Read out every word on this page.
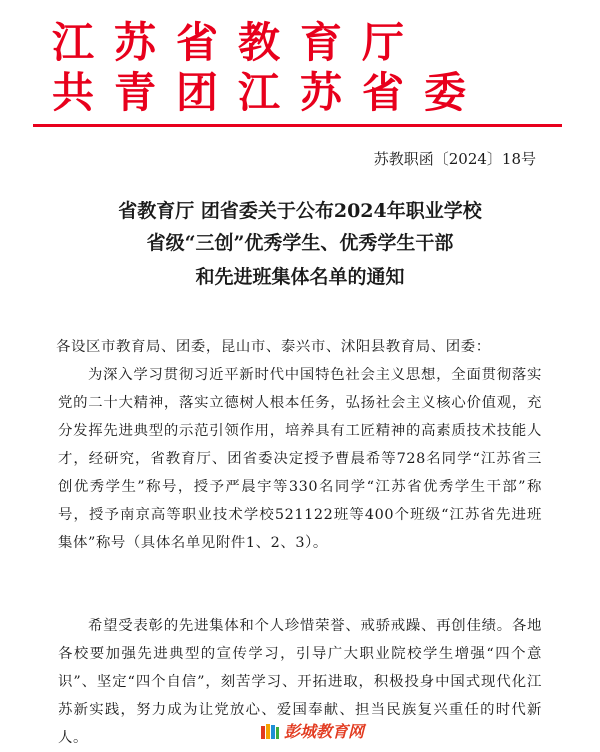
江苏省教育厅
共青团江苏省委
苏教职函〔2024〕18号
省教育厅 团省委关于公布2024年职业学校
省级“三创”优秀学生、优秀学生干部
和先进班集体名单的通知
各设区市教育局、团委，昆山市、泰兴市、沭阳县教育局、团委：
为深入学习贯彻习近平新时代中国特色社会主义思想，全面贯彻落实党的二十大精神，落实立德树人根本任务，弘扬社会主义核心价值观，充分发挥先进典型的示范引领作用，培养具有工匠精神的高素质技术技能人才，经研究，省教育厅、团省委决定授予曹晨希等728名同学“江苏省三创优秀学生”称号，授予严晨宇等330名同学“江苏省优秀学生干部”称号，授予南京高等职业技术学校521122班等400个班级“江苏省先进班集体”称号（具体名单见附件1、2、3）。
希望受表彰的先进集体和个人珍惜荣誉、戒骄戒躁、再创佳绩。各地各校要加强先进典型的宣传学习，引导广大职业院校学生增强“四个意识”、坚定“四个自信”，刻苦学习、开拓进取，积极投身中国式现代化江苏新实践，努力成为让党放心、爱国奉献、担当民族复兴重任的时代新人。	彭城教育网
